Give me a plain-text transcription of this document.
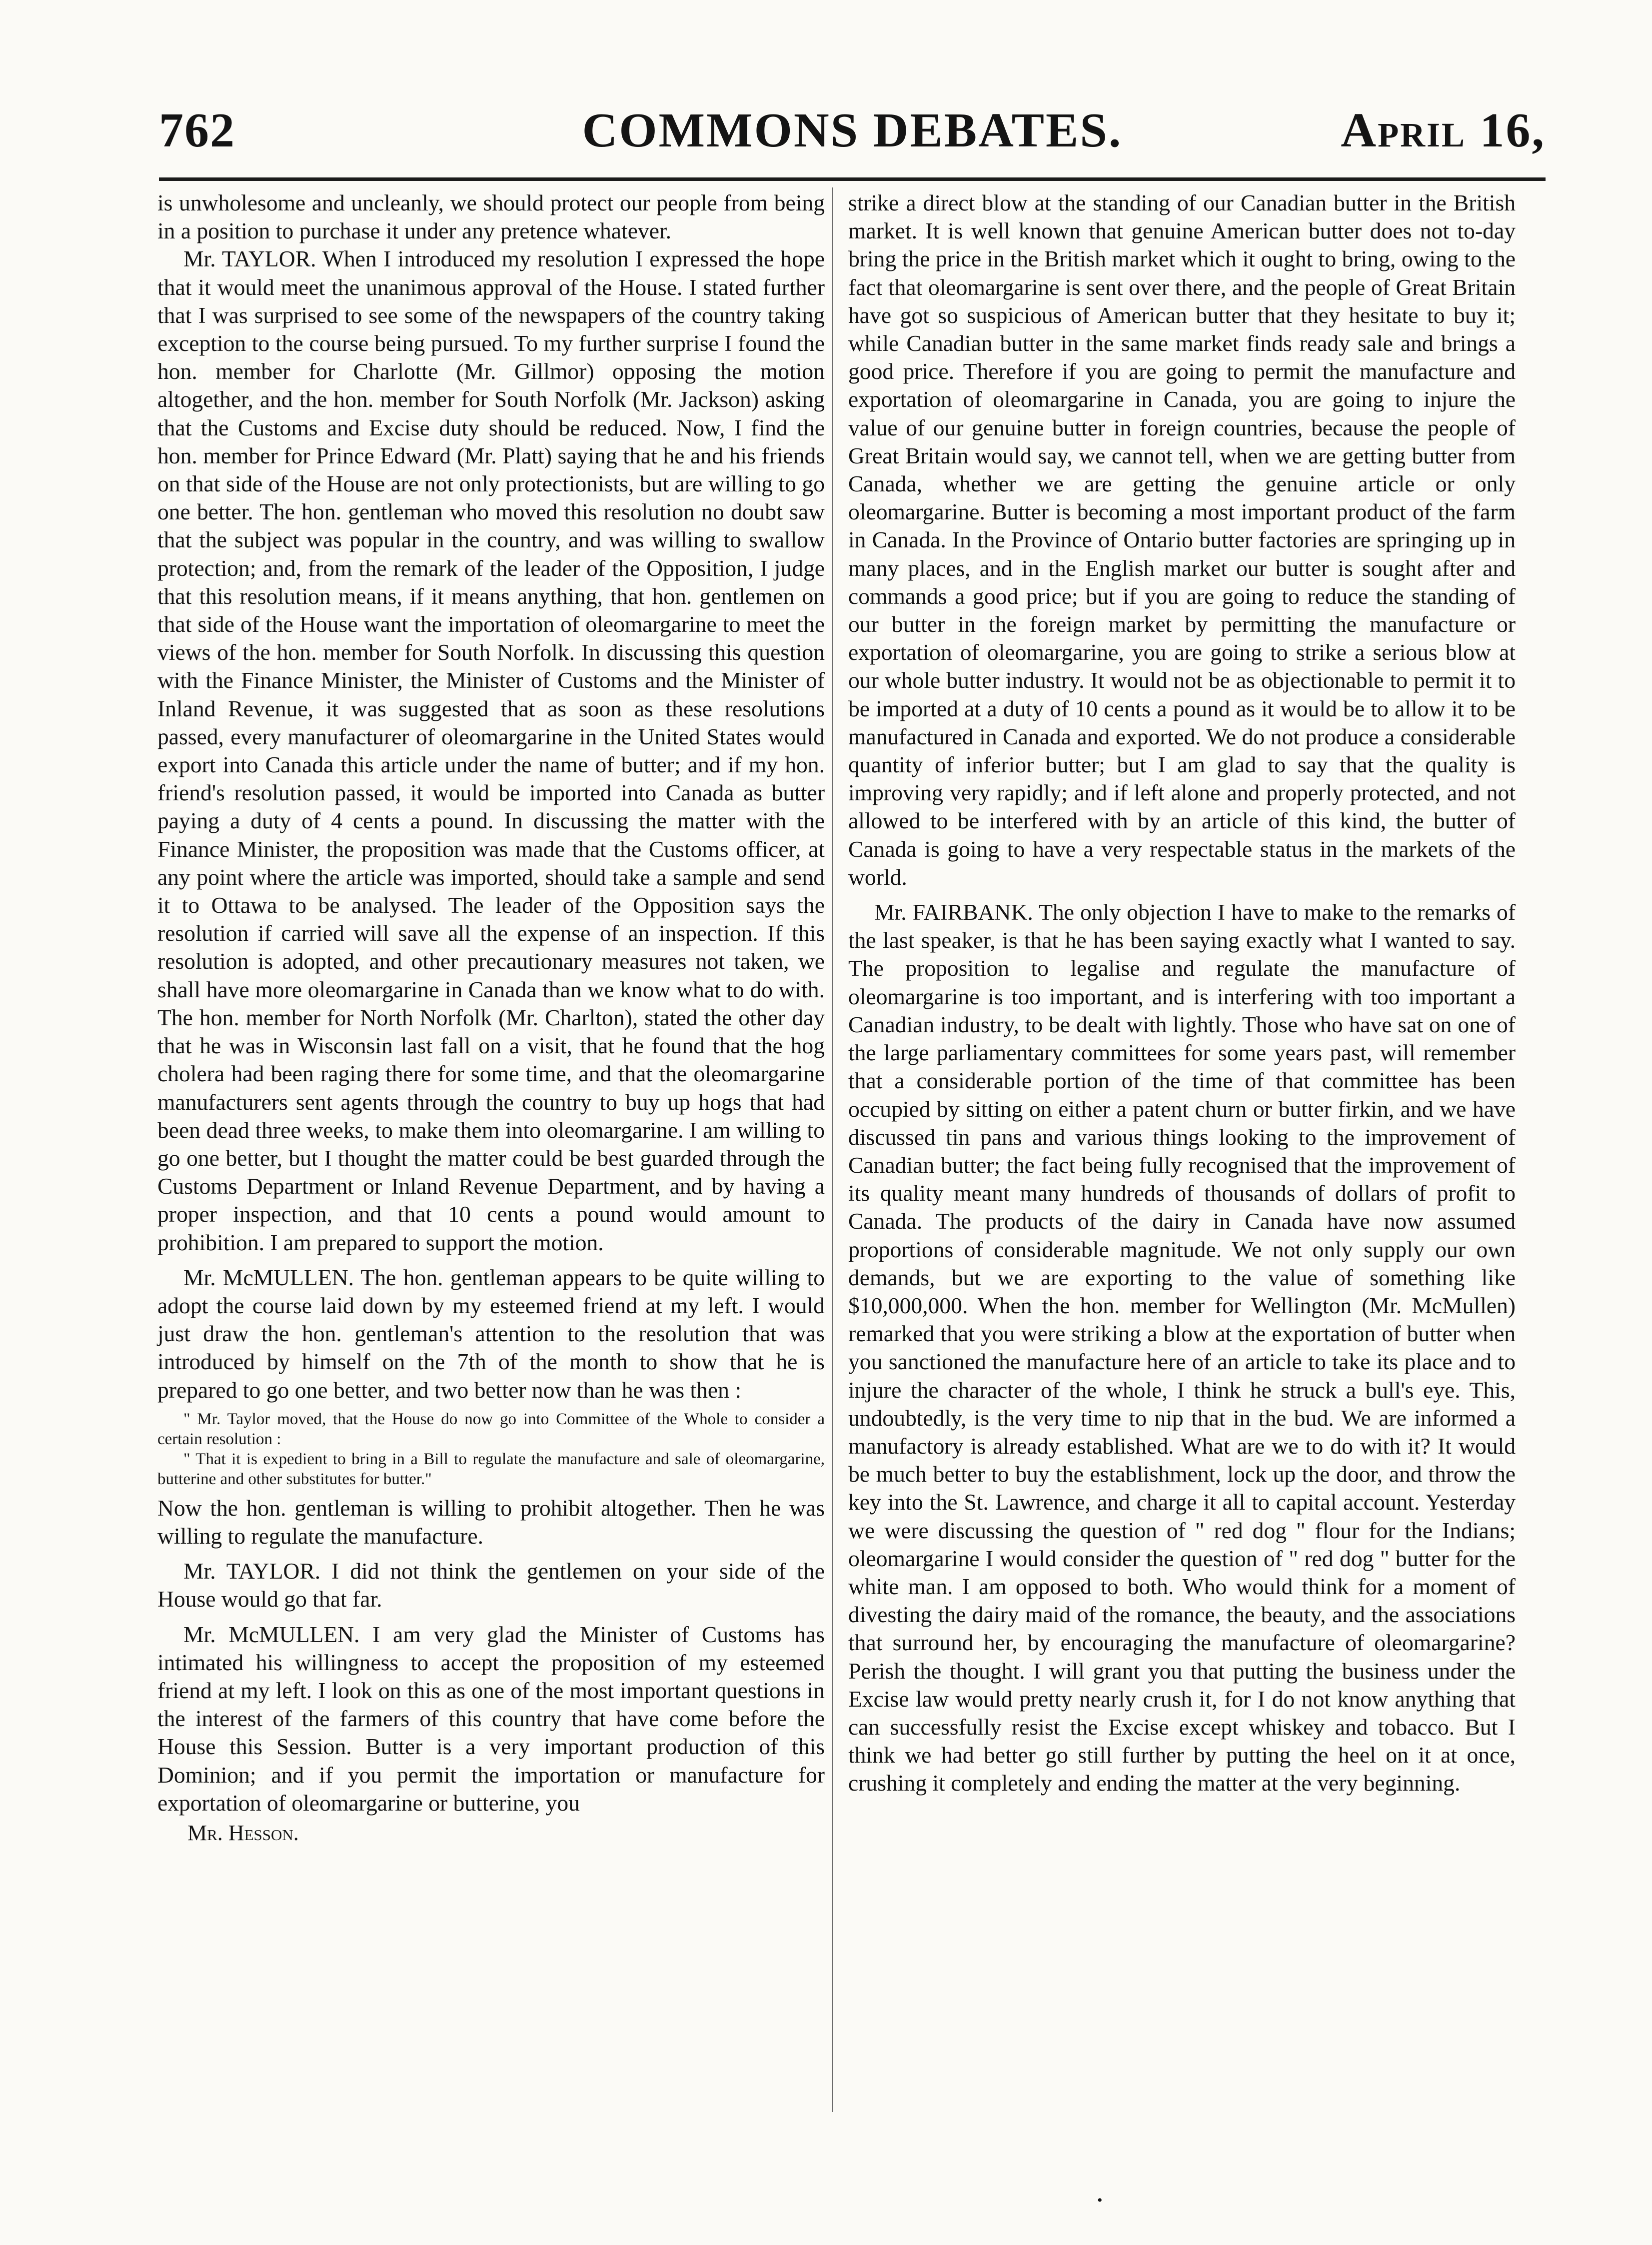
762	COMMONS DEBATES.	April 16,

is unwholesome and uncleanly, we should protect our people from being in a position to purchase it under any pretence whatever.

Mr. TAYLOR. When I introduced my resolution I expressed the hope that it would meet the unanimous approval of the House. I stated further that I was surprised to see some of the newspapers of the country taking exception to the course being pursued. To my further surprise I found the hon. member for Charlotte (Mr. Gillmor) opposing the motion altogether, and the hon. member for South Norfolk (Mr. Jackson) asking that the Customs and Excise duty should be reduced. Now, I find the hon. member for Prince Edward (Mr. Platt) saying that he and his friends on that side of the House are not only protectionists, but are willing to go one better. The hon. gentleman who moved this resolution no doubt saw that the subject was popular in the country, and was willing to swallow protection; and, from the remark of the leader of the Opposition, I judge that this resolution means, if it means anything, that hon. gentlemen on that side of the House want the importation of oleomargarine to meet the views of the hon. member for South Norfolk. In discussing this question with the Finance Minister, the Minister of Customs and the Minister of Inland Revenue, it was suggested that as soon as these resolutions passed, every manufacturer of oleomargarine in the United States would export into Canada this article under the name of butter; and if my hon. friend's resolution passed, it would be imported into Canada as butter paying a duty of 4 cents a pound. In discussing the matter with the Finance Minister, the proposition was made that the Customs officer, at any point where the article was imported, should take a sample and send it to Ottawa to be analysed. The leader of the Opposition says the resolution if carried will save all the expense of an inspection. If this resolution is adopted, and other precautionary measures not taken, we shall have more oleomargarine in Canada than we know what to do with. The hon. member for North Norfolk (Mr. Charlton), stated the other day that he was in Wisconsin last fall on a visit, that he found that the hog cholera had been raging there for some time, and that the oleomargarine manufacturers sent agents through the country to buy up hogs that had been dead three weeks, to make them into oleomargarine. I am willing to go one better, but I thought the matter could be best guarded through the Customs Department or Inland Revenue Department, and by having a proper inspection, and that 10 cents a pound would amount to prohibition. I am prepared to support the motion.

Mr. McMULLEN. The hon. gentleman appears to be quite willing to adopt the course laid down by my esteemed friend at my left. I would just draw the hon. gentleman's attention to the resolution that was introduced by himself on the 7th of the month to show that he is prepared to go one better, and two better now than he was then :

" Mr. Taylor moved, that the House do now go into Committee of the Whole to consider a certain resolution :

" That it is expedient to bring in a Bill to regulate the manufacture and sale of oleomargarine, butterine and other substitutes for butter."

Now the hon. gentleman is willing to prohibit altogether. Then he was willing to regulate the manufacture.

Mr. TAYLOR. I did not think the gentlemen on your side of the House would go that far.

Mr. McMULLEN. I am very glad the Minister of Customs has intimated his willingness to accept the proposition of my esteemed friend at my left. I look on this as one of the most important questions in the interest of the farmers of this country that have come before the House this Session. Butter is a very important production of this Dominion; and if you permit the importation or manufacture for exportation of oleomargarine or butterine, you

Mr. Hesson.

strike a direct blow at the standing of our Canadian butter in the British market. It is well known that genuine American butter does not to-day bring the price in the British market which it ought to bring, owing to the fact that oleomargarine is sent over there, and the people of Great Britain have got so suspicious of American butter that they hesitate to buy it; while Canadian butter in the same market finds ready sale and brings a good price. Therefore if you are going to permit the manufacture and exportation of oleomargarine in Canada, you are going to injure the value of our genuine butter in foreign countries, because the people of Great Britain would say, we cannot tell, when we are getting butter from Canada, whether we are getting the genuine article or only oleomargarine. Butter is becoming a most important product of the farm in Canada. In the Province of Ontario butter factories are springing up in many places, and in the English market our butter is sought after and commands a good price; but if you are going to reduce the standing of our butter in the foreign market by permitting the manufacture or exportation of oleomargarine, you are going to strike a serious blow at our whole butter industry. It would not be as objectionable to permit it to be imported at a duty of 10 cents a pound as it would be to allow it to be manufactured in Canada and exported. We do not produce a considerable quantity of inferior butter; but I am glad to say that the quality is improving very rapidly; and if left alone and properly protected, and not allowed to be interfered with by an article of this kind, the butter of Canada is going to have a very respectable status in the markets of the world.

Mr. FAIRBANK. The only objection I have to make to the remarks of the last speaker, is that he has been saying exactly what I wanted to say. The proposition to legalise and regulate the manufacture of oleomargarine is too important, and is interfering with too important a Canadian industry, to be dealt with lightly. Those who have sat on one of the large parliamentary committees for some years past, will remember that a considerable portion of the time of that committee has been occupied by sitting on either a patent churn or butter firkin, and we have discussed tin pans and various things looking to the improvement of Canadian butter; the fact being fully recognised that the improvement of its quality meant many hundreds of thousands of dollars of profit to Canada. The products of the dairy in Canada have now assumed proportions of considerable magnitude. We not only supply our own demands, but we are exporting to the value of something like $10,000,000. When the hon. member for Wellington (Mr. McMullen) remarked that you were striking a blow at the exportation of butter when you sanctioned the manufacture here of an article to take its place and to injure the character of the whole, I think he struck a bull's eye. This, undoubtedly, is the very time to nip that in the bud. We are informed a manufactory is already established. What are we to do with it? It would be much better to buy the establishment, lock up the door, and throw the key into the St. Lawrence, and charge it all to capital account. Yesterday we were discussing the question of " red dog " flour for the Indians; oleomargarine I would consider the question of " red dog " butter for the white man. I am opposed to both. Who would think for a moment of divesting the dairy maid of the romance, the beauty, and the associations that surround her, by encouraging the manufacture of oleomargarine? Perish the thought. I will grant you that putting the business under the Excise law would pretty nearly crush it, for I do not know anything that can successfully resist the Excise except whiskey and tobacco. But I think we had better go still further by putting the heel on it at once, crushing it completely and ending the matter at the very beginning.

•
